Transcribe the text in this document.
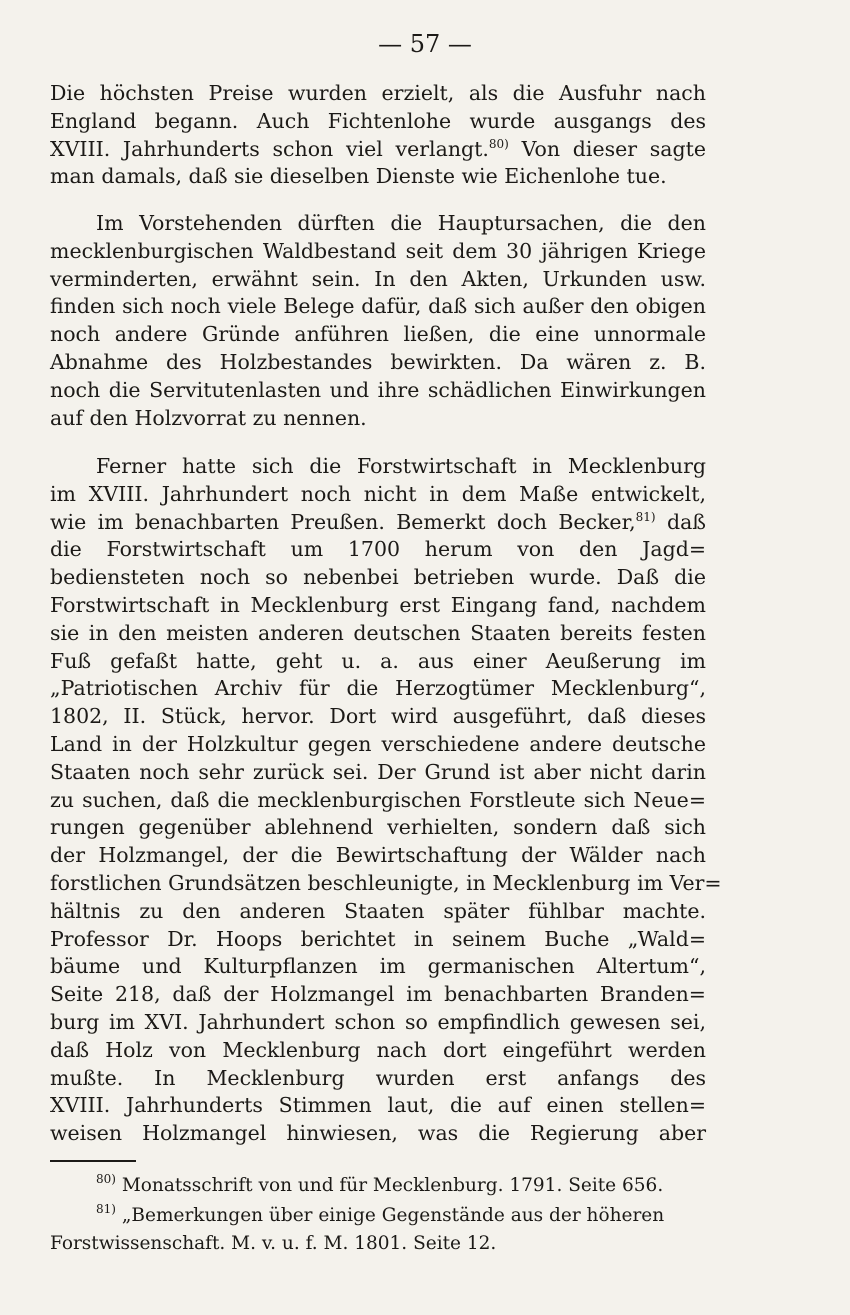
— 57 —
Die höchsten Preise wurden erzielt, als die Ausfuhr nach
England begann. Auch Fichtenlohe wurde ausgangs des
XVIII. Jahrhunderts schon viel verlangt.$^{80)}$ Von dieser sagte
man damals, daß sie dieselben Dienste wie Eichenlohe tue.
Im Vorstehenden dürften die Hauptursachen, die den
mecklenburgischen Waldbestand seit dem 30 jährigen Kriege
verminderten, erwähnt sein. In den Akten, Urkunden usw.
finden sich noch viele Belege dafür, daß sich außer den obigen
noch andere Gründe anführen ließen, die eine unnormale
Abnahme des Holzbestandes bewirkten. Da wären z. B.
noch die Servitutenlasten und ihre schädlichen Einwirkungen
auf den Holzvorrat zu nennen.
Ferner hatte sich die Forstwirtschaft in Mecklenburg
im XVIII. Jahrhundert noch nicht in dem Maße entwickelt,
wie im benachbarten Preußen. Bemerkt doch Becker,$^{81)}$ daß
die Forstwirtschaft um 1700 herum von den Jagd=
bediensteten noch so nebenbei betrieben wurde. Daß die
Forstwirtschaft in Mecklenburg erst Eingang fand, nachdem
sie in den meisten anderen deutschen Staaten bereits festen
Fuß gefaßt hatte, geht u. a. aus einer Aeußerung im
„Patriotischen Archiv für die Herzogtümer Mecklenburg“,
1802, II. Stück, hervor. Dort wird ausgeführt, daß dieses
Land in der Holzkultur gegen verschiedene andere deutsche
Staaten noch sehr zurück sei. Der Grund ist aber nicht darin
zu suchen, daß die mecklenburgischen Forstleute sich Neue=
rungen gegenüber ablehnend verhielten, sondern daß sich
der Holzmangel, der die Bewirtschaftung der Wälder nach
forstlichen Grundsätzen beschleunigte, in Mecklenburg im Ver=
hältnis zu den anderen Staaten später fühlbar machte.
Professor Dr. Hoops berichtet in seinem Buche „Wald=
bäume und Kulturpflanzen im germanischen Altertum“,
Seite 218, daß der Holzmangel im benachbarten Branden=
burg im XVI. Jahrhundert schon so empfindlich gewesen sei,
daß Holz von Mecklenburg nach dort eingeführt werden
mußte. In Mecklenburg wurden erst anfangs des
XVIII. Jahrhunderts Stimmen laut, die auf einen stellen=
weisen Holzmangel hinwiesen, was die Regierung aber
$^{80)}$ Monatsschrift von und für Mecklenburg. 1791. Seite 656.
$^{81)}$ „Bemerkungen über einige Gegenstände aus der höheren
Forstwissenschaft. M. v. u. f. M. 1801. Seite 12.
